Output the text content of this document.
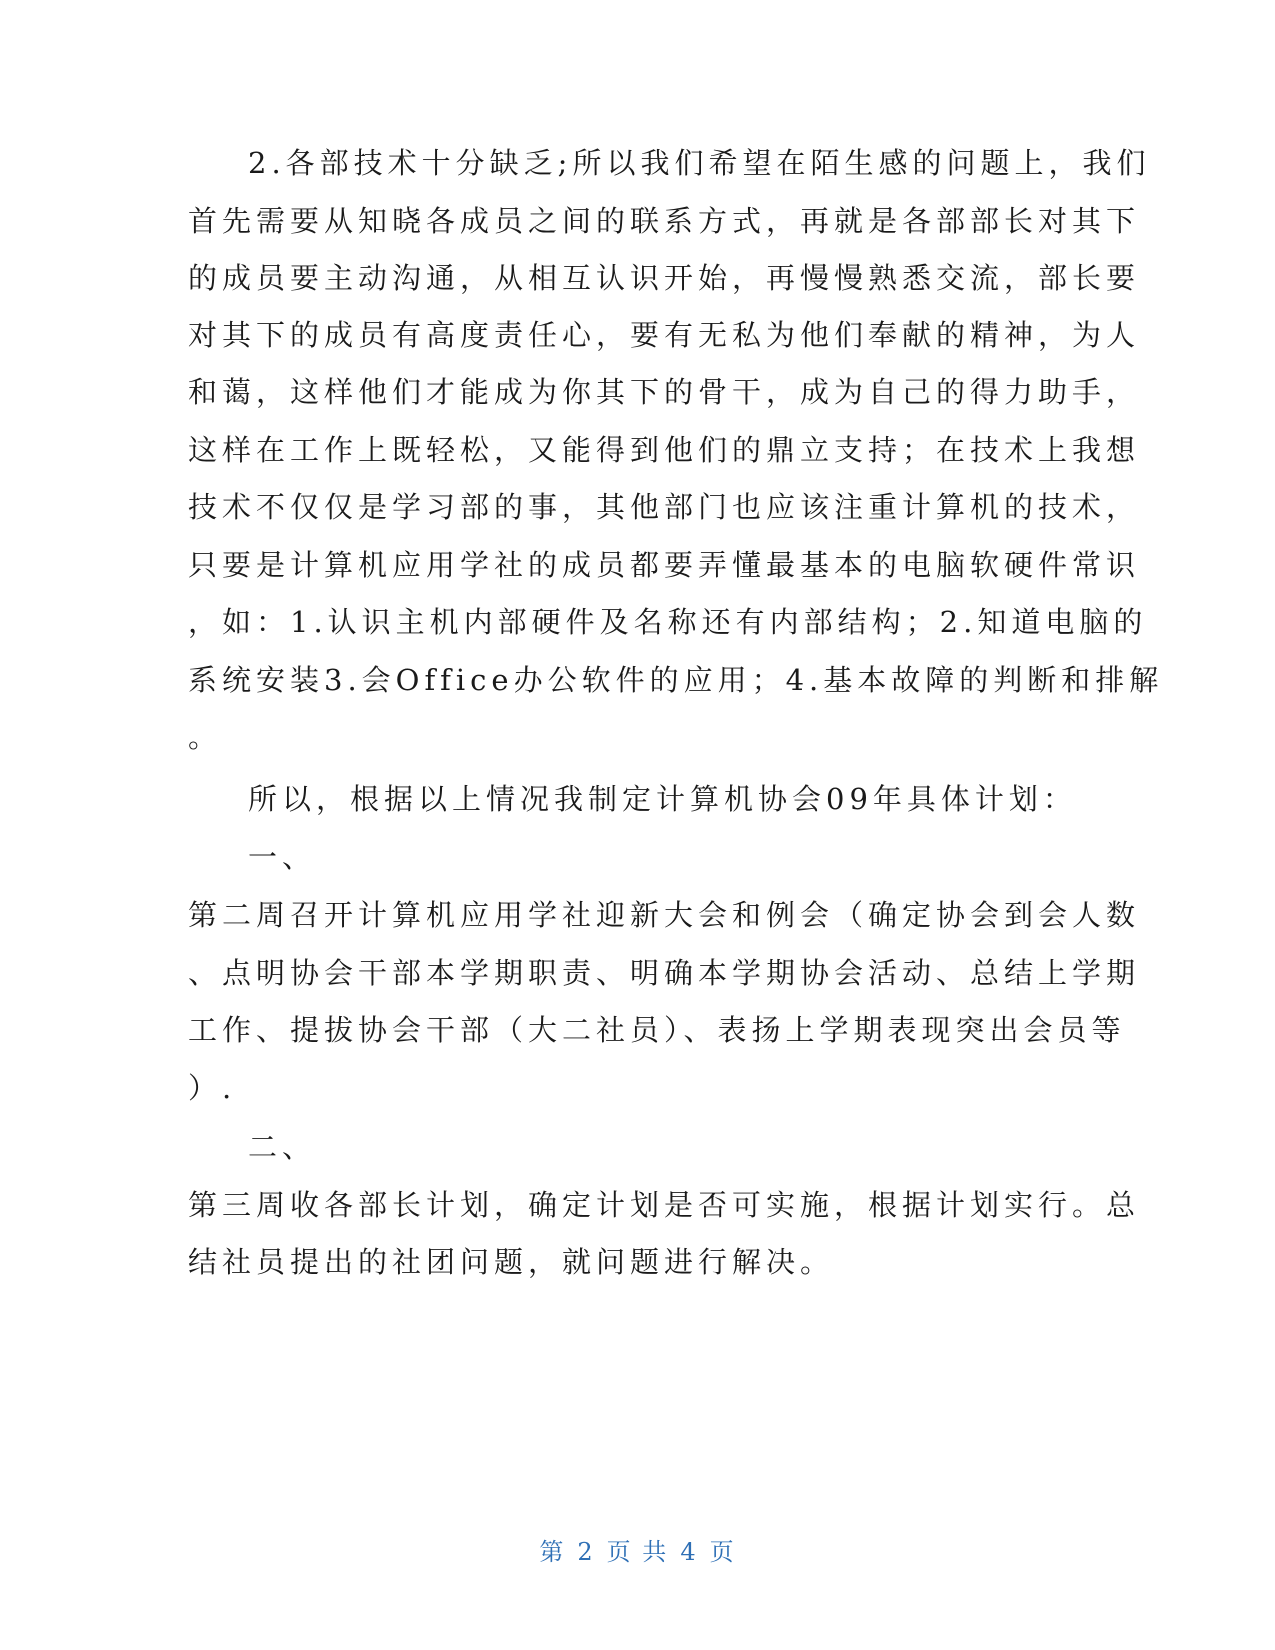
2.各部技术十分缺乏;所以我们希望在陌生感的问题上，我们
首先需要从知晓各成员之间的联系方式，再就是各部部长对其下
的成员要主动沟通，从相互认识开始，再慢慢熟悉交流，部长要
对其下的成员有高度责任心，要有无私为他们奉献的精神，为人
和蔼，这样他们才能成为你其下的骨干，成为自己的得力助手，
这样在工作上既轻松，又能得到他们的鼎立支持；在技术上我想
技术不仅仅是学习部的事，其他部门也应该注重计算机的技术，
只要是计算机应用学社的成员都要弄懂最基本的电脑软硬件常识
，如：1.认识主机内部硬件及名称还有内部结构；2.知道电脑的
系统安装3.会Office办公软件的应用；4.基本故障的判断和排解
。
所以，根据以上情况我制定计算机协会09年具体计划：
一、
第二周召开计算机应用学社迎新大会和例会（确定协会到会人数
、点明协会干部本学期职责、明确本学期协会活动、总结上学期
工作、提拔协会干部（大二社员）、表扬上学期表现突出会员等
）.
二、
第三周收各部长计划，确定计划是否可实施，根据计划实行。总
结社员提出的社团问题，就问题进行解决。
第 2 页 共 4 页
